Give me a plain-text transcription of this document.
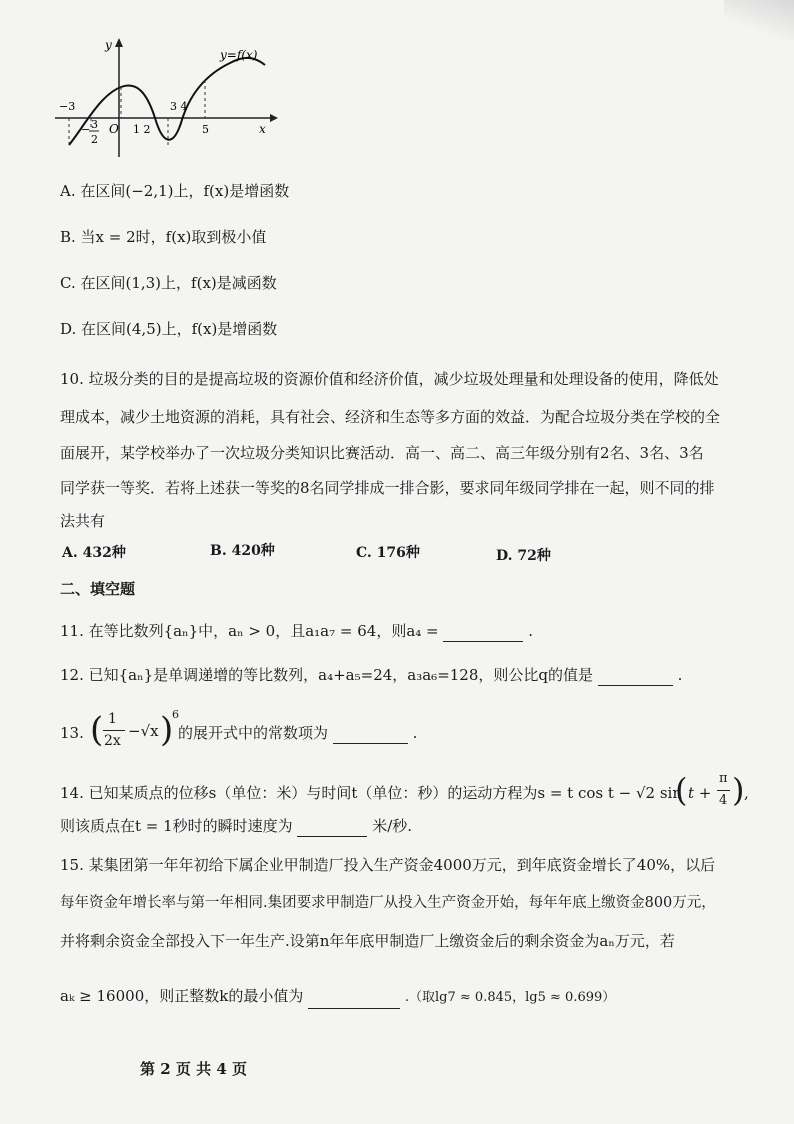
y=f(x)
y
x
O
−3
− 3
2
1 2
3 4
5
A. 在区间(−2,1)上，f(x)是增函数
B. 当x = 2时，f(x)取到极小值
C. 在区间(1,3)上，f(x)是减函数
D. 在区间(4,5)上，f(x)是增函数
10. 垃圾分类的目的是提高垃圾的资源价值和经济价值，减少垃圾处理量和处理设备的使用，降低处
理成本，减少土地资源的消耗，具有社会、经济和生态等多方面的效益．为配合垃圾分类在学校的全
面展开，某学校举办了一次垃圾分类知识比赛活动．高一、高二、高三年级分别有2名、3名、3名
同学获一等奖．若将上述获一等奖的8名同学排成一排合影，要求同年级同学排在一起，则不同的排
法共有
A. 432种	B. 420种	C. 176种	D. 72种
二、填空题
11. 在等比数列{aₙ}中，aₙ > 0，且a₁a₇ = 64，则a₄ =	.
12. 已知{aₙ}是单调递增的等比数列，a₄+a₅=24，a₃a₆=128，则公比q的值是	.
13. ( 1
2x
−√x )
6
的展开式中的常数项为	.
14. 已知某质点的位移s（单位：米）与时间t（单位：秒）的运动方程为s = t cos t − √2 sin
( t +
π
4 ) ,
则该质点在t = 1秒时的瞬时速度为	米/秒.
15. 某集团第一年年初给下属企业甲制造厂投入生产资金4000万元，到年底资金增长了40%，以后
每年资金年增长率与第一年相同.集团要求甲制造厂从投入生产资金开始，每年年底上缴资金800万元，
并将剩余资金全部投入下一年生产.设第n年年底甲制造厂上缴资金后的剩余资金为aₙ万元，若
aₖ ≥ 16000，则正整数k的最小值为	.（取lg7 ≈ 0.845，lg5 ≈ 0.699）
第 2 页 共 4 页
